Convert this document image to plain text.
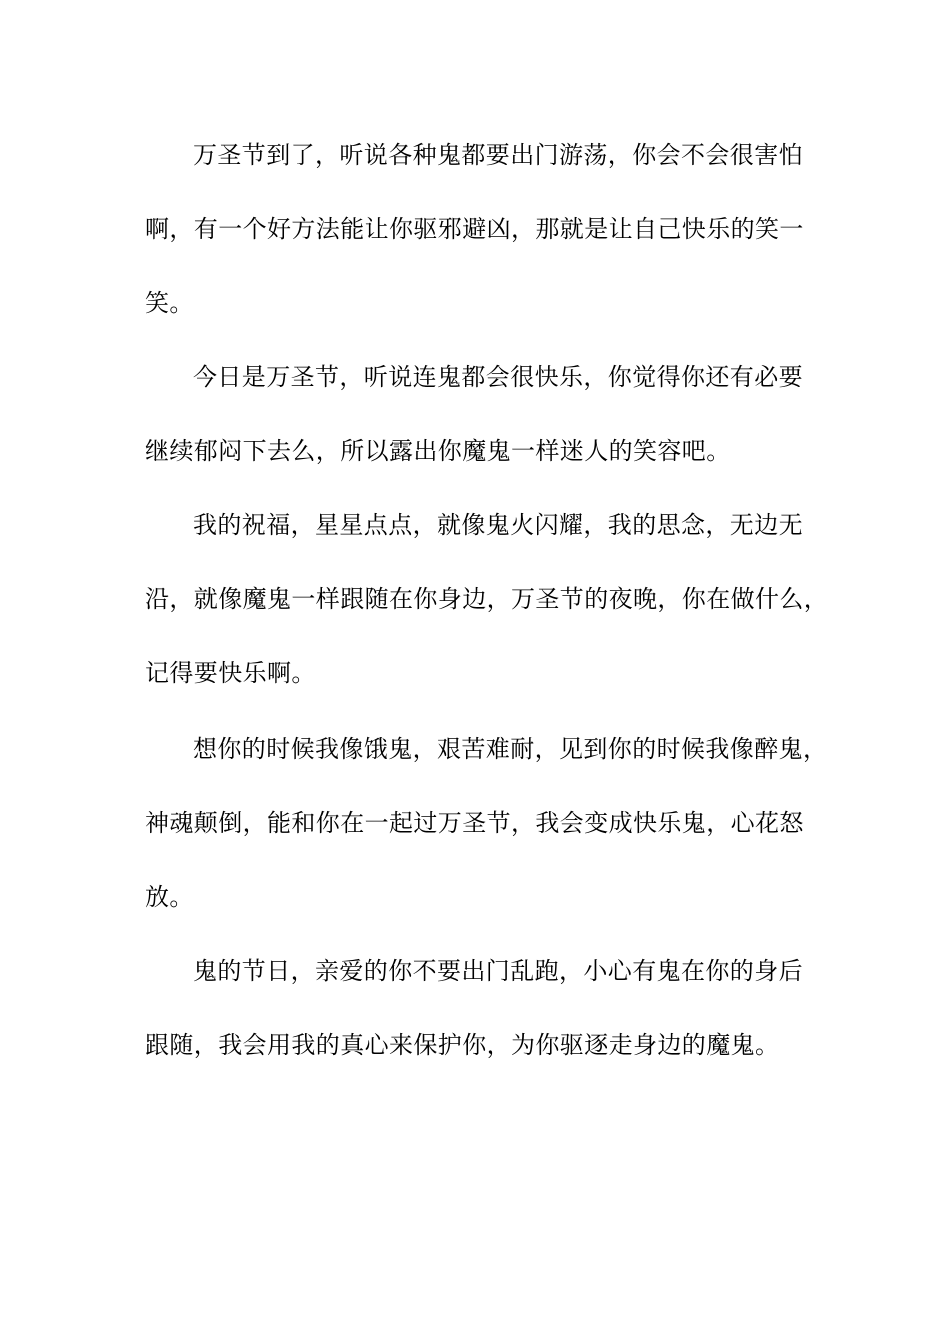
万圣节到了，听说各种鬼都要出门游荡，你会不会很害怕

啊，有一个好方法能让你驱邪避凶，那就是让自己快乐的笑一

笑。

今日是万圣节，听说连鬼都会很快乐，你觉得你还有必要

继续郁闷下去么，所以露出你魔鬼一样迷人的笑容吧。

我的祝福，星星点点，就像鬼火闪耀，我的思念，无边无

沿，就像魔鬼一样跟随在你身边，万圣节的夜晚，你在做什么，

记得要快乐啊。

想你的时候我像饿鬼，艰苦难耐，见到你的时候我像醉鬼，

神魂颠倒，能和你在一起过万圣节，我会变成快乐鬼，心花怒

放。

鬼的节日，亲爱的你不要出门乱跑，小心有鬼在你的身后

跟随，我会用我的真心来保护你，为你驱逐走身边的魔鬼。
